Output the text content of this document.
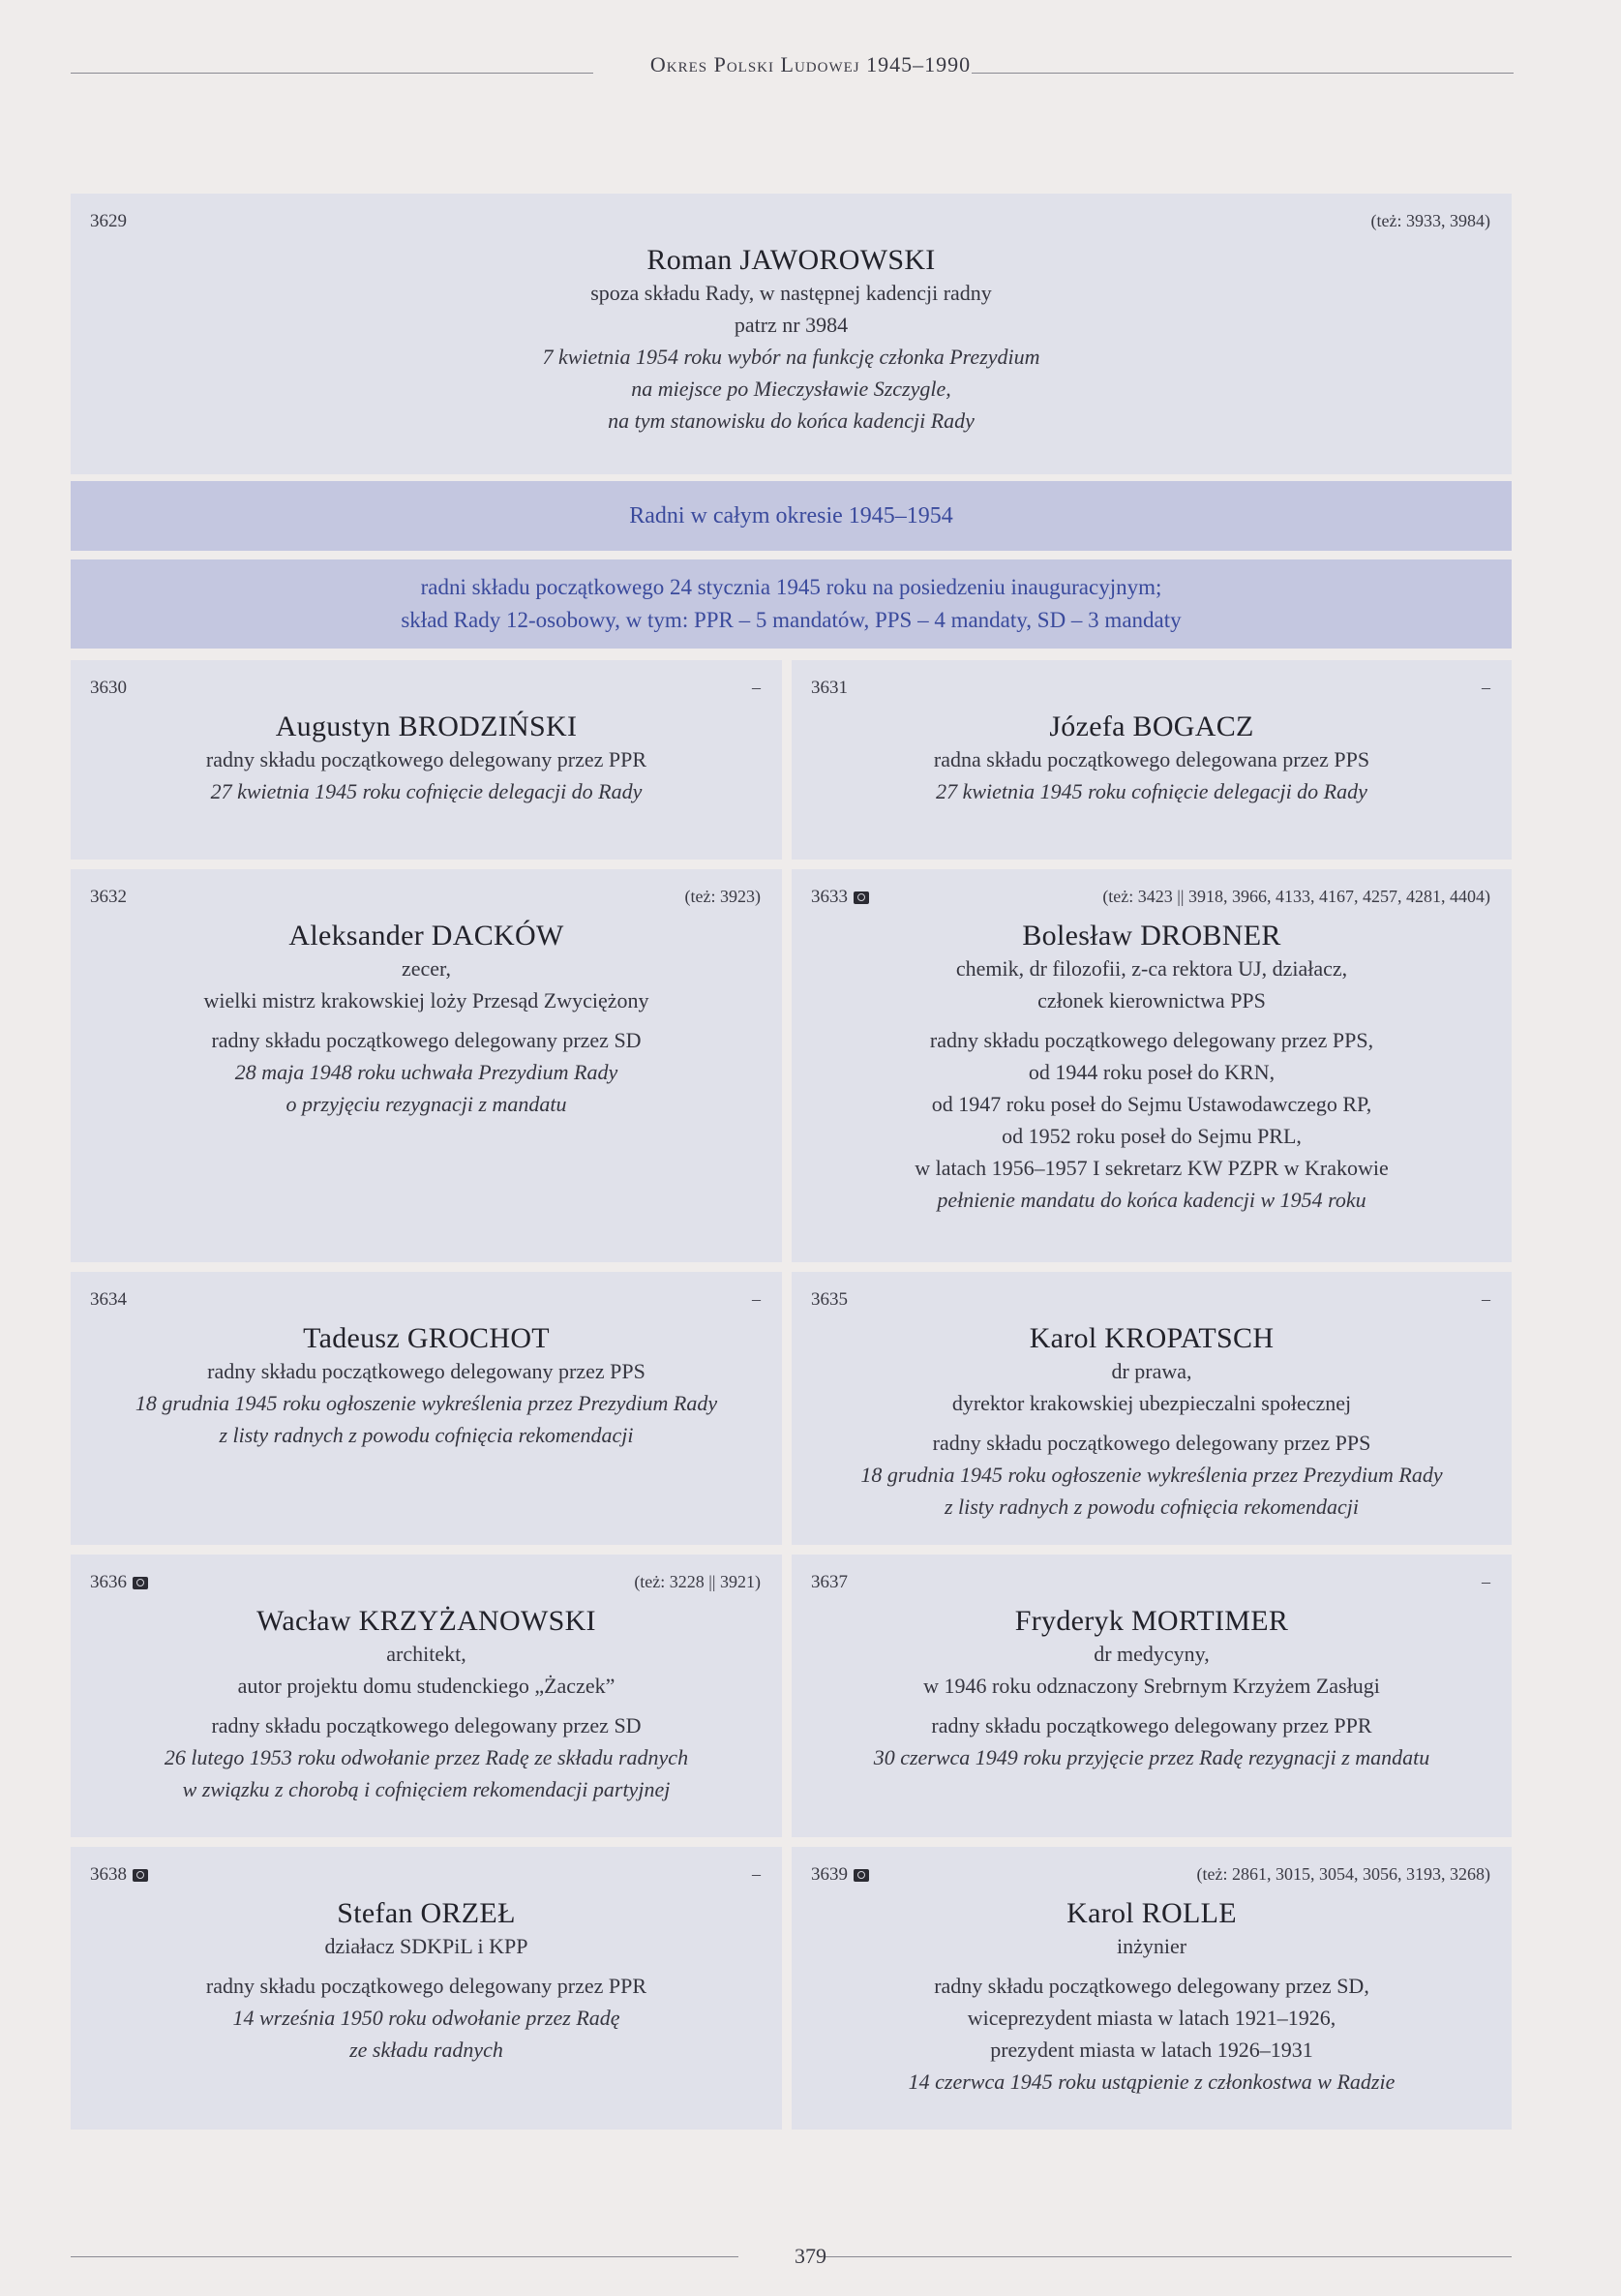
Okres Polski Ludowej 1945–1990
3629	(też: 3933, 3984)
Roman JAWOROWSKI
spoza składu Rady, w następnej kadencji radny
patrz nr 3984
7 kwietnia 1954 roku wybór na funkcję członka Prezydium
na miejsce po Mieczysławie Szczygle,
na tym stanowisku do końca kadencji Rady
Radni w całym okresie 1945–1954
radni składu początkowego 24 stycznia 1945 roku na posiedzeniu inauguracyjnym;
skład Rady 12-osobowy, w tym: PPR – 5 mandatów, PPS – 4 mandaty, SD – 3 mandaty
3630	–
Augustyn BRODZIŃSKI
radny składu początkowego delegowany przez PPR
27 kwietnia 1945 roku cofnięcie delegacji do Rady
3631	–
Józefa BOGACZ
radna składu początkowego delegowana przez PPS
27 kwietnia 1945 roku cofnięcie delegacji do Rady
3632	(też: 3923)
Aleksander DACKÓW
zecer,
wielki mistrz krakowskiej loży Przesąd Zwyciężony
radny składu początkowego delegowany przez SD
28 maja 1948 roku uchwała Prezydium Rady
o przyjęciu rezygnacji z mandatu
3633	(też: 3423 || 3918, 3966, 4133, 4167, 4257, 4281, 4404)
Bolesław DROBNER
chemik, dr filozofii, z-ca rektora UJ, działacz,
członek kierownictwa PPS
radny składu początkowego delegowany przez PPS,
od 1944 roku poseł do KRN,
od 1947 roku poseł do Sejmu Ustawodawczego RP,
od 1952 roku poseł do Sejmu PRL,
w latach 1956–1957 I sekretarz KW PZPR w Krakowie
pełnienie mandatu do końca kadencji w 1954 roku
3634	–
Tadeusz GROCHOT
radny składu początkowego delegowany przez PPS
18 grudnia 1945 roku ogłoszenie wykreślenia przez Prezydium Rady
z listy radnych z powodu cofnięcia rekomendacji
3635	–
Karol KROPATSCH
dr prawa,
dyrektor krakowskiej ubezpieczalni społecznej
radny składu początkowego delegowany przez PPS
18 grudnia 1945 roku ogłoszenie wykreślenia przez Prezydium Rady
z listy radnych z powodu cofnięcia rekomendacji
3636	(też: 3228 || 3921)
Wacław KRZYŻANOWSKI
architekt,
autor projektu domu studenckiego „Żaczek”
radny składu początkowego delegowany przez SD
26 lutego 1953 roku odwołanie przez Radę ze składu radnych
w związku z chorobą i cofnięciem rekomendacji partyjnej
3637	–
Fryderyk MORTIMER
dr medycyny,
w 1946 roku odznaczony Srebrnym Krzyżem Zasługi
radny składu początkowego delegowany przez PPR
30 czerwca 1949 roku przyjęcie przez Radę rezygnacji z mandatu
3638	–
Stefan ORZEŁ
działacz SDKPiL i KPP
radny składu początkowego delegowany przez PPR
14 września 1950 roku odwołanie przez Radę
ze składu radnych
3639	(też: 2861, 3015, 3054, 3056, 3193, 3268)
Karol ROLLE
inżynier
radny składu początkowego delegowany przez SD,
wiceprezydent miasta w latach 1921–1926,
prezydent miasta w latach 1926–1931
14 czerwca 1945 roku ustąpienie z członkostwa w Radzie
379
